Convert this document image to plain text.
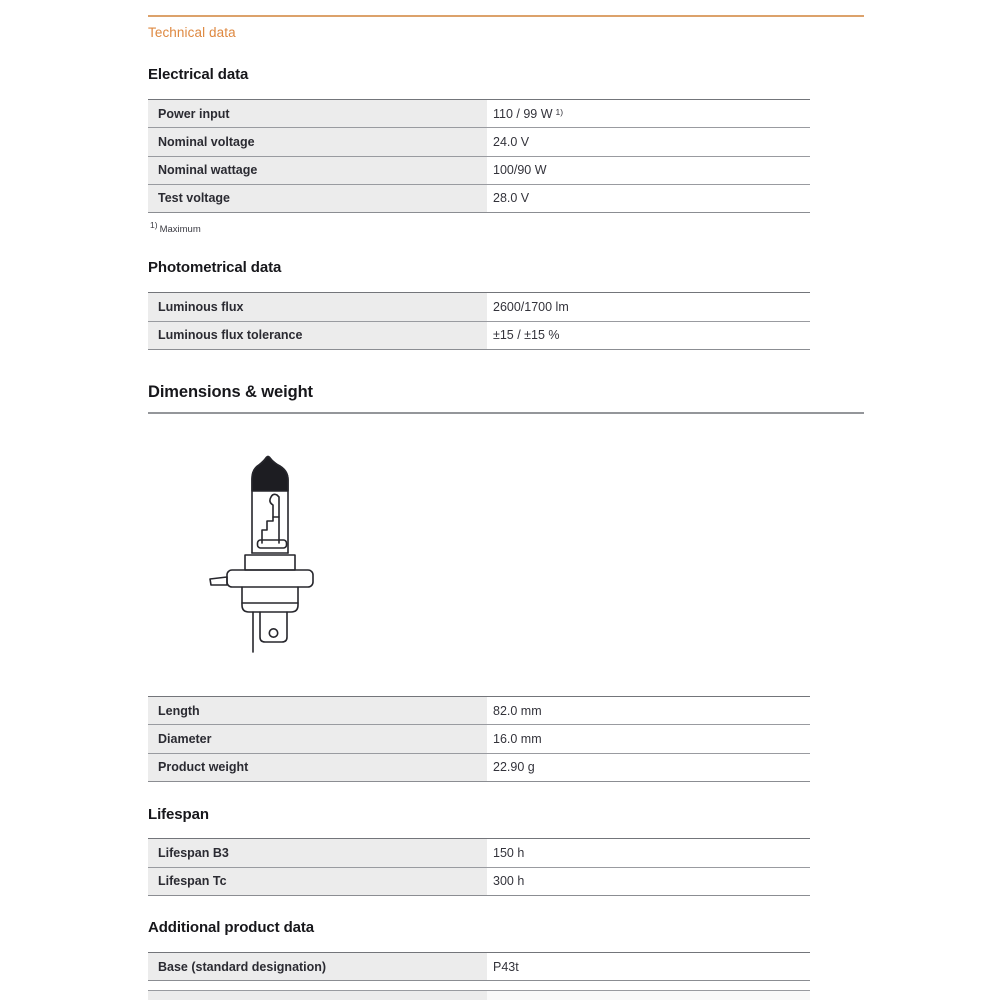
Technical data
Electrical data
Power input	110 / 99 W $^{1)}$
Nominal voltage	24.0 V
Nominal wattage	100/90 W
Test voltage	28.0 V
$^{1)}$ Maximum
Photometrical data
Luminous flux	2600/1700 lm
Luminous flux tolerance	±15 / ±15 %
Dimensions & weight
Length	82.0 mm
Diameter	16.0 mm
Product weight	22.90 g
Lifespan
Lifespan B3	150 h
Lifespan Tc	300 h
Additional product data
Base (standard designation)	P43t
